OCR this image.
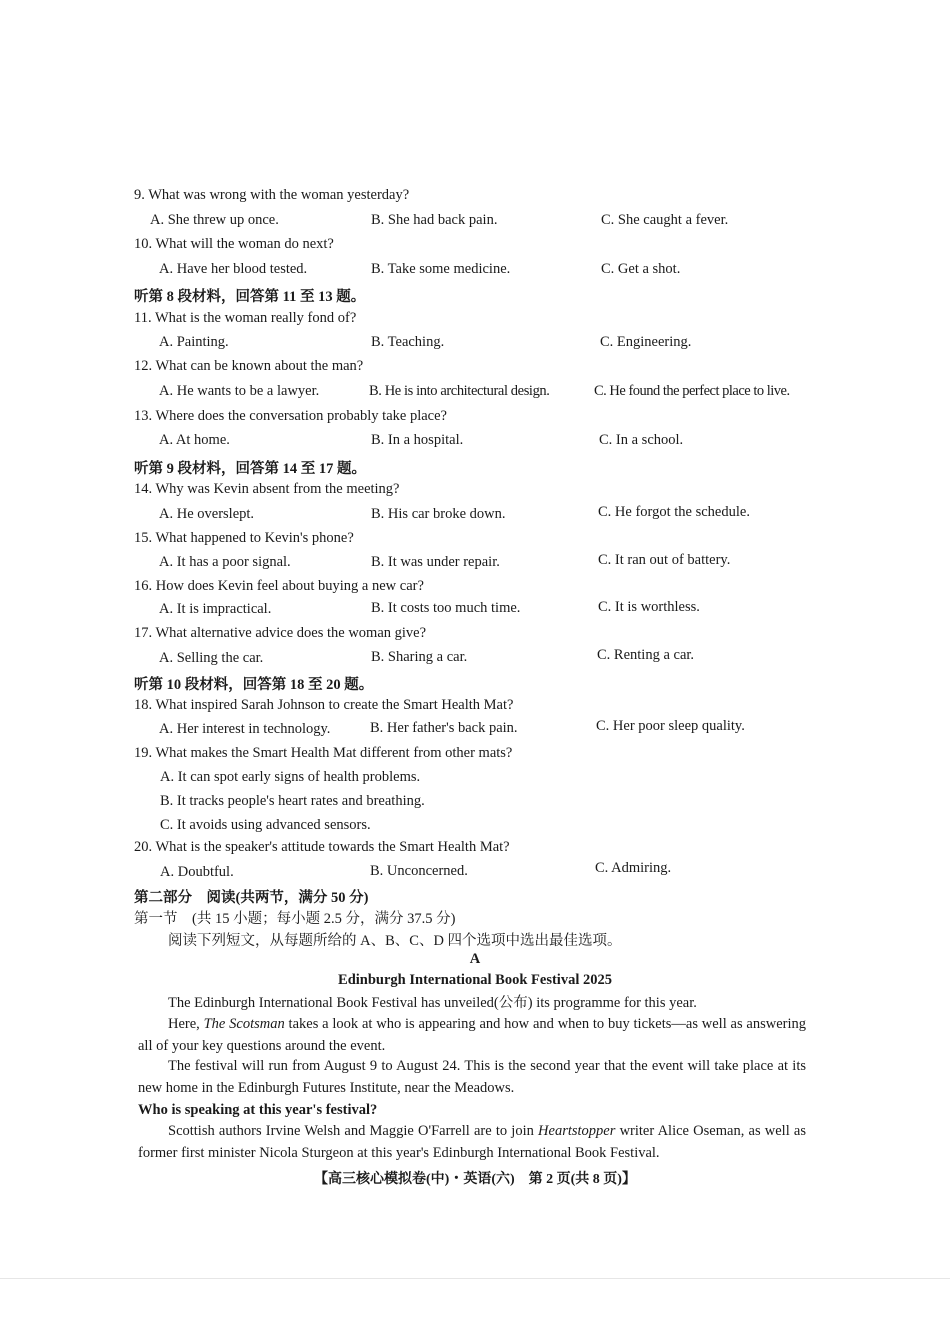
9. What was wrong with the woman yesterday?
A. She threw up once.	B. She had back pain.	C. She caught a fever.
10. What will the woman do next?
A. Have her blood tested.	B. Take some medicine.	C. Get a shot.
听第 8 段材料，回答第 11 至 13 题。
11. What is the woman really fond of?
A. Painting.	B. Teaching.	C. Engineering.
12. What can be known about the man?
A. He wants to be a lawyer.	B. He is into architectural design.	C. He found the perfect place to live.
13. Where does the conversation probably take place?
A. At home.	B. In a hospital.	C. In a school.
听第 9 段材料，回答第 14 至 17 题。
14. Why was Kevin absent from the meeting?
A. He overslept.	B. His car broke down.	C. He forgot the schedule.
15. What happened to Kevin's phone?
A. It has a poor signal.	B. It was under repair.	C. It ran out of battery.
16. How does Kevin feel about buying a new car?
A. It is impractical.	B. It costs too much time.	C. It is worthless.
17. What alternative advice does the woman give?
A. Selling the car.	B. Sharing a car.	C. Renting a car.
听第 10 段材料，回答第 18 至 20 题。
18. What inspired Sarah Johnson to create the Smart Health Mat?
A. Her interest in technology.	B. Her father's back pain.	C. Her poor sleep quality.
19. What makes the Smart Health Mat different from other mats?
A. It can spot early signs of health problems.
B. It tracks people's heart rates and breathing.
C. It avoids using advanced sensors.
20. What is the speaker's attitude towards the Smart Health Mat?
A. Doubtful.	B. Unconcerned.	C. Admiring.
第二部分　阅读(共两节，满分 50 分)
第一节　(共 15 小题；每小题 2.5 分，满分 37.5 分)
阅读下列短文，从每题所给的 A、B、C、D 四个选项中选出最佳选项。
A
Edinburgh International Book Festival 2025
The Edinburgh International Book Festival has unveiled(公布) its programme for this year.
Here, The Scotsman takes a look at who is appearing and how and when to buy tickets—as well as answering all of your key questions around the event.
The festival will run from August 9 to August 24. This is the second year that the event will take place at its new home in the Edinburgh Futures Institute, near the Meadows.
Who is speaking at this year's festival?
Scottish authors Irvine Welsh and Maggie O'Farrell are to join Heartstopper writer Alice Oseman, as well as former first minister Nicola Sturgeon at this year's Edinburgh International Book Festival.
【高三核心模拟卷(中)・英语(六)　第 2 页(共 8 页)】
